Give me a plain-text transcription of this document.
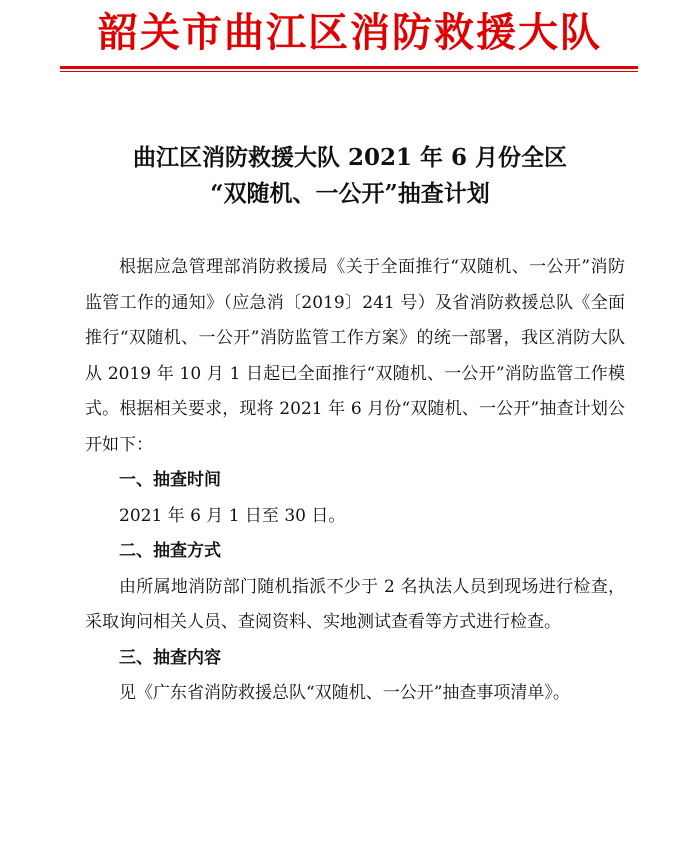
韶关市曲江区消防救援大队
曲江区消防救援大队 2021 年 6 月份全区
“双随机、一公开”抽查计划

根据应急管理部消防救援局《关于全面推行“双随机、一公开”消防监管工作的通知》（应急消〔2019〕241 号）及省消防救援总队《全面推行“双随机、一公开”消防监管工作方案》的统一部署，我区消防大队从 2019 年 10 月 1 日起已全面推行“双随机、一公开”消防监管工作模式。根据相关要求，现将 2021 年 6 月份“双随机、一公开”抽查计划公开如下：

一、抽查时间

2021 年 6 月 1 日至 30 日。

二、抽查方式

由所属地消防部门随机指派不少于 2 名执法人员到现场进行检查，采取询问相关人员、查阅资料、实地测试查看等方式进行检查。

三、抽查内容

见《广东省消防救援总队“双随机、一公开”抽查事项清单》。
